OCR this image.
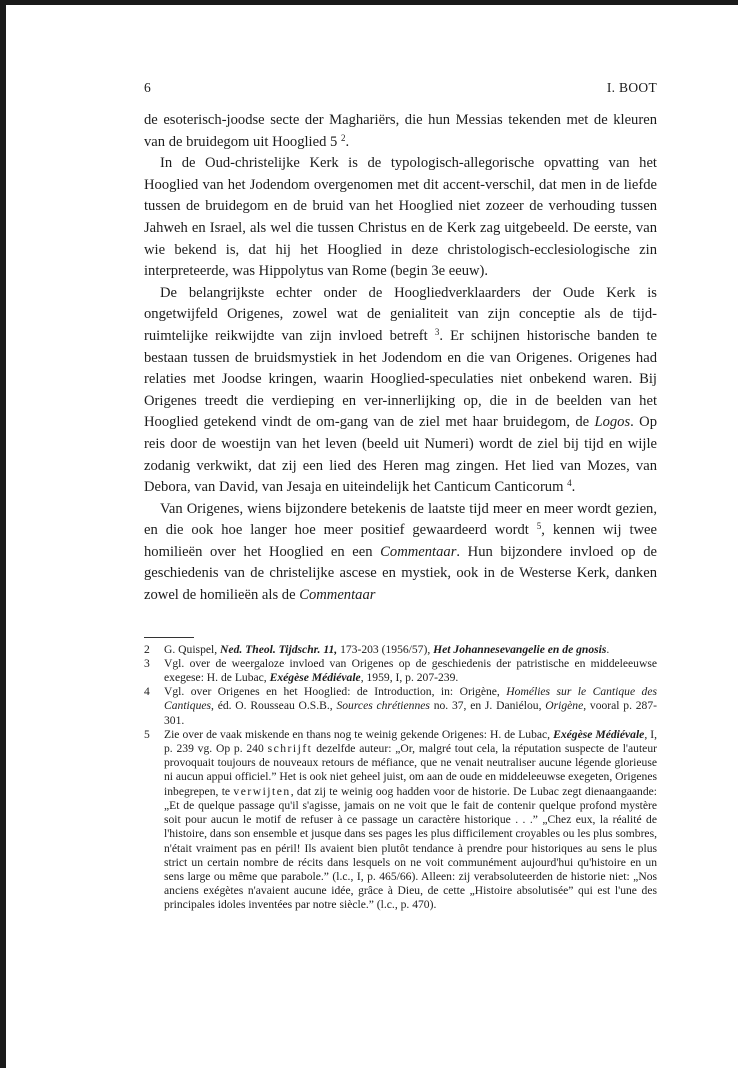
6	I. BOOT

de esoterisch-joodse secte der Maghariërs, die hun Messias tekenden met de kleuren van de bruidegom uit Hooglied 5 $^2$.

In de Oud-christelijke Kerk is de typologisch-allegorische opvatting van het Hooglied van het Jodendom overgenomen met dit accent-verschil, dat men in de liefde tussen de bruidegom en de bruid van het Hooglied niet zozeer de verhouding tussen Jahweh en Israel, als wel die tussen Christus en de Kerk zag uitgebeeld. De eerste, van wie bekend is, dat hij het Hooglied in deze christologisch-ecclesiologische zin interpreteerde, was Hippolytus van Rome (begin 3e eeuw).

De belangrijkste echter onder de Hoogliedverklaarders der Oude Kerk is ongetwijfeld Origenes, zowel wat de genialiteit van zijn conceptie als de tijd-ruimtelijke reikwijdte van zijn invloed betreft $^3$. Er schijnen historische banden te bestaan tussen de bruidsmystiek in het Jodendom en die van Origenes. Origenes had relaties met Joodse kringen, waarin Hooglied-speculaties niet onbekend waren. Bij Origenes treedt die verdieping en ver-innerlijking op, die in de beelden van het Hooglied getekend vindt de om-gang van de ziel met haar bruidegom, de Logos. Op reis door de woestijn van het leven (beeld uit Numeri) wordt de ziel bij tijd en wijle zodanig verkwikt, dat zij een lied des Heren mag zingen. Het lied van Mozes, van Debora, van David, van Jesaja en uiteindelijk het Canticum Canticorum $^4$.

Van Origenes, wiens bijzondere betekenis de laatste tijd meer en meer wordt gezien, en die ook hoe langer hoe meer positief gewaardeerd wordt $^5$, kennen wij twee homilieën over het Hooglied en een Commentaar. Hun bijzondere invloed op de geschiedenis van de christelijke ascese en mystiek, ook in de Westerse Kerk, danken zowel de homilieën als de Commentaar

2 G. Quispel, Ned. Theol. Tijdschr. 11, 173-203 (1956/57), Het Johannesevangelie en de gnosis.
3 Vgl. over de weergaloze invloed van Origenes op de geschiedenis der patristische en middeleeuwse exegese: H. de Lubac, Exégèse Médiévale, 1959, I, p. 207-239.
4 Vgl. over Origenes en het Hooglied: de Introduction, in: Origène, Homélies sur le Cantique des Cantiques, éd. O. Rousseau O.S.B., Sources chrétiennes no. 37, en J. Daniélou, Origène, vooral p. 287-301.
5 Zie over de vaak miskende en thans nog te weinig gekende Origenes: H. de Lubac, Exégèse Médiévale, I, p. 239 vg. Op p. 240 schrijft dezelfde auteur: „Or, malgré tout cela, la réputation suspecte de l'auteur provoquait toujours de nouveaux retours de méfiance, que ne venait neutraliser aucune légende glorieuse ni aucun appui officiel.” Het is ook niet geheel juist, om aan de oude en middeleeuwse exegeten, Origenes inbegrepen, te verwijten, dat zij te weinig oog hadden voor de historie. De Lubac zegt dienaangaande: „Et de quelque passage qu'il s'agisse, jamais on ne voit que le fait de contenir quelque profond mystère soit pour aucun le motif de refuser à ce passage un caractère historique . . .” „Chez eux, la réalité de l'histoire, dans son ensemble et jusque dans ses pages les plus difficilement croyables ou les plus sombres, n'était vraiment pas en péril! Ils avaient bien plutôt tendance à prendre pour historiques au sens le plus strict un certain nombre de récits dans lesquels on ne voit communément aujourd'hui qu'histoire en un sens large ou même que parabole.” (l.c., I, p. 465/66). Alleen: zij verabsoluteerden de historie niet: „Nos anciens exégètes n'avaient aucune idée, grâce à Dieu, de cette „Histoire absolutisée” qui est l'une des principales idoles inventées par notre siècle.” (l.c., p. 470).
